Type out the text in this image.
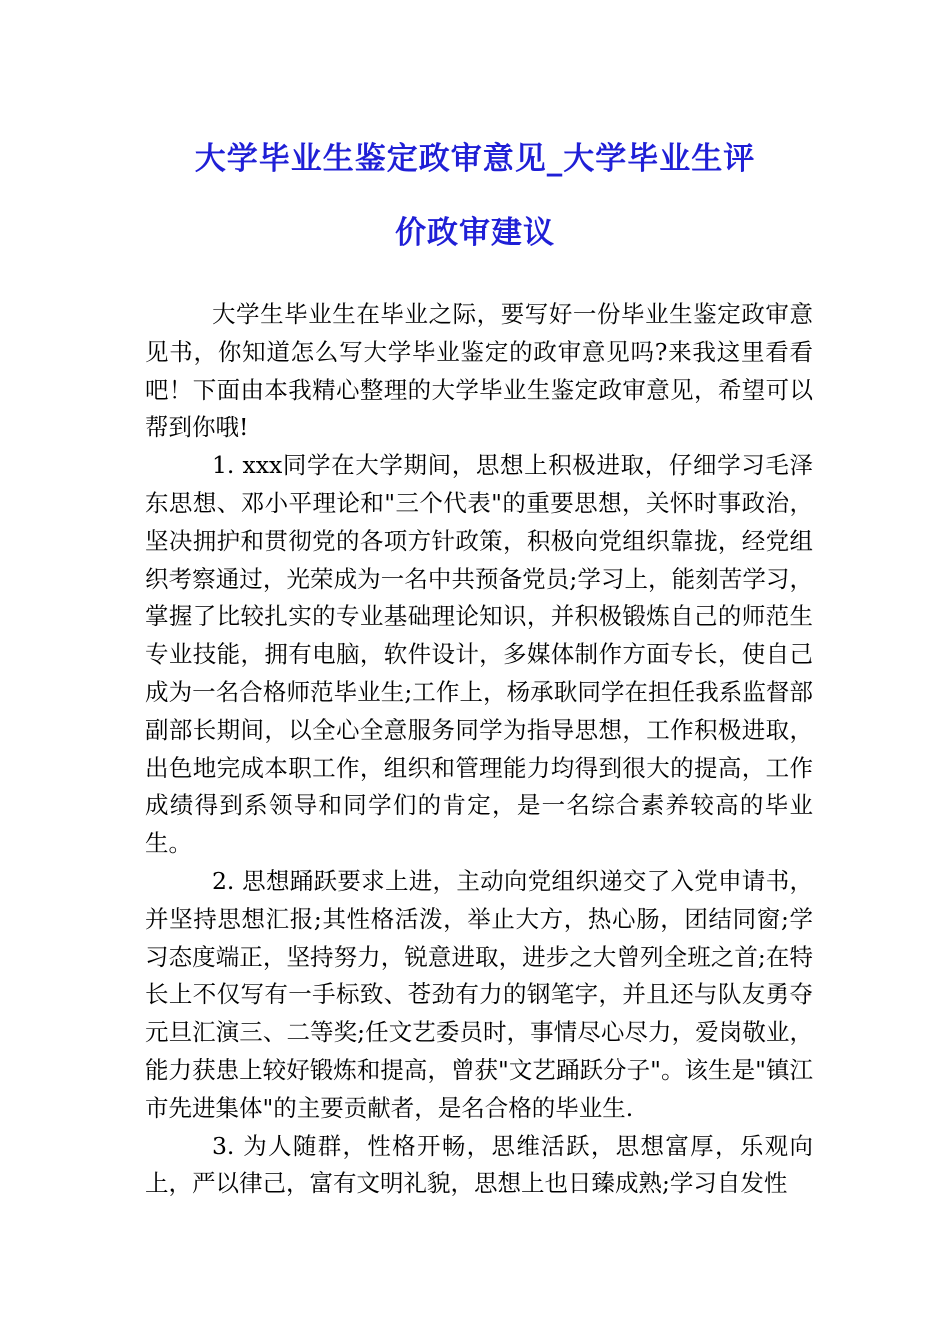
大学毕业生鉴定政审意见_大学毕业生评
价政审建议

大学生毕业生在毕业之际，要写好一份毕业生鉴定政审意见书，你知道怎么写大学毕业鉴定的政审意见吗?来我这里看看吧！下面由本我精心整理的大学毕业生鉴定政审意见，希望可以帮到你哦!

1. xxx同学在大学期间，思想上积极进取，仔细学习毛泽东思想、邓小平理论和"三个代表"的重要思想，关怀时事政治，坚决拥护和贯彻党的各项方针政策，积极向党组织靠拢，经党组织考察通过，光荣成为一名中共预备党员;学习上，能刻苦学习，掌握了比较扎实的专业基础理论知识，并积极锻炼自己的师范生专业技能，拥有电脑，软件设计，多媒体制作方面专长，使自己成为一名合格师范毕业生;工作上，杨承耿同学在担任我系监督部副部长期间，以全心全意服务同学为指导思想，工作积极进取，出色地完成本职工作，组织和管理能力均得到很大的提高，工作成绩得到系领导和同学们的肯定，是一名综合素养较高的毕业生。

2. 思想踊跃要求上进，主动向党组织递交了入党申请书，并坚持思想汇报;其性格活泼，举止大方，热心肠，团结同窗;学习态度端正，坚持努力，锐意进取，进步之大曾列全班之首;在特长上不仅写有一手标致、苍劲有力的钢笔字，并且还与队友勇夺元旦汇演三、二等奖;任文艺委员时，事情尽心尽力，爱岗敬业，能力获患上较好锻炼和提高，曾获"文艺踊跃分子"。该生是"镇江市先进集体"的主要贡献者，是名合格的毕业生.

3. 为人随群，性格开畅，思维活跃，思想富厚，乐观向上，严以律己，富有文明礼貌，思想上也日臻成熟;学习自发性
